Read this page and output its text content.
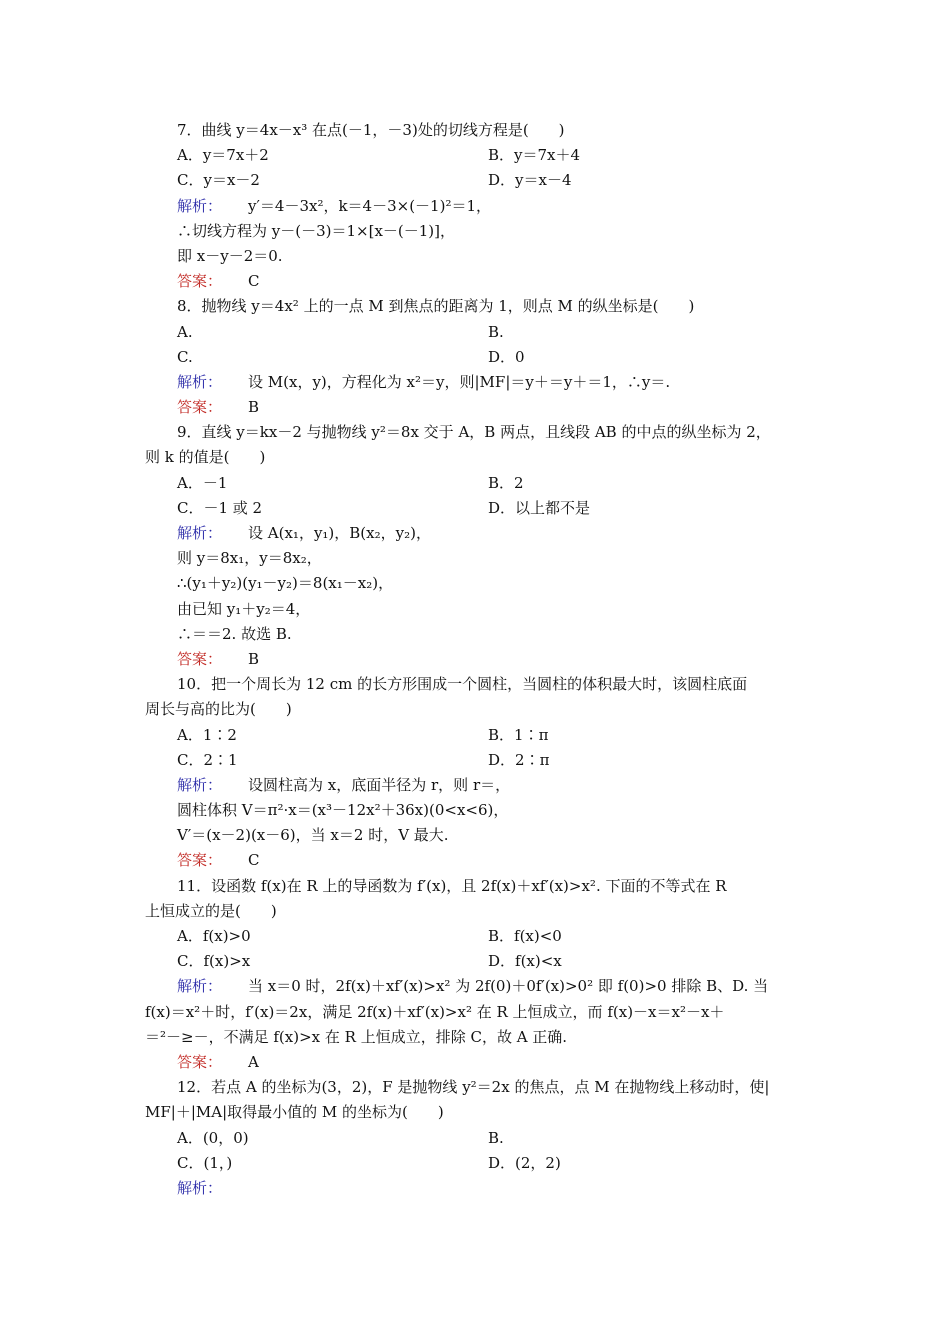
7．曲线 y＝4x－x³ 在点(－1，－3)处的切线方程是(　　)
A．y＝7x＋2	B．y＝7x＋4
C．y＝x－2	D．y＝x－4
解析： y′＝4－3x²，k＝4－3×(－1)²＝1，
∴切线方程为 y－(－3)＝1×[x－(－1)]，
即 x－y－2＝0.
答案： C
8．抛物线 y＝4x² 上的一点 M 到焦点的距离为 1，则点 M 的纵坐标是(　　)
A.	B.
C.	D．0
解析： 设 M(x，y)，方程化为 x²＝y，则|MF|＝y＋＝y＋＝1，∴y＝.
答案： B
9．直线 y＝kx－2 与抛物线 y²＝8x 交于 A，B 两点，且线段 AB 的中点的纵坐标为 2，
则 k 的值是(　　)
A．－1	B．2
C．－1 或 2	D．以上都不是
解析： 设 A(x₁，y₁)，B(x₂，y₂)，
则 y＝8x₁，y＝8x₂，
∴(y₁＋y₂)(y₁－y₂)＝8(x₁－x₂)，
由已知 y₁＋y₂＝4，
∴＝＝2. 故选 B.
答案： B
10．把一个周长为 12 cm 的长方形围成一个圆柱，当圆柱的体积最大时，该圆柱底面
周长与高的比为(　　)
A．1∶2	B．1∶π
C．2∶1	D．2∶π
解析： 设圆柱高为 x，底面半径为 r，则 r＝，
圆柱体积 V＝π²·x＝(x³－12x²＋36x)(0<x<6)，
V′＝(x－2)(x－6)，当 x＝2 时，V 最大.
答案： C
11．设函数 f(x)在 R 上的导函数为 f′(x)，且 2f(x)＋xf′(x)>x². 下面的不等式在 R
上恒成立的是(　　)
A．f(x)>0	B．f(x)<0
C．f(x)>x	D．f(x)<x
解析： 当 x＝0 时，2f(x)＋xf′(x)>x² 为 2f(0)＋0f′(x)>0² 即 f(0)>0 排除 B、D. 当
f(x)＝x²＋时，f′(x)＝2x，满足 2f(x)＋xf′(x)>x² 在 R 上恒成立，而 f(x)－x＝x²－x＋
＝²－≥－，不满足 f(x)>x 在 R 上恒成立，排除 C，故 A 正确.
答案： A
12．若点 A 的坐标为(3，2)，F 是抛物线 y²＝2x 的焦点，点 M 在抛物线上移动时，使|
MF|＋|MA|取得最小值的 M 的坐标为(　　)
A．(0，0)	B.
C．(1，)	D．(2，2)
解析：
